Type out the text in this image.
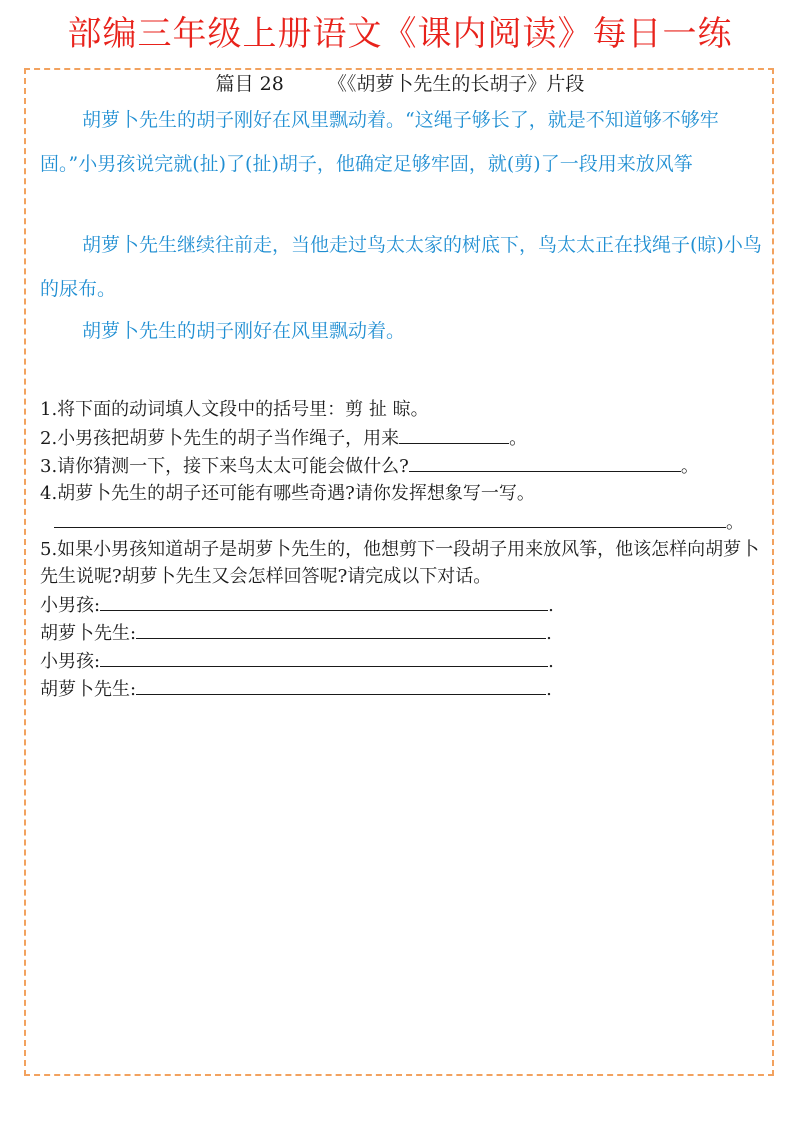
部编三年级上册语文《课内阅读》每日一练
篇目 28 《《胡萝卜先生的长胡子》片段

胡萝卜先生的胡子刚好在风里飘动着。“这绳子够长了，就是不知道够不够牢固。”小男孩说完就(扯)了(扯)胡子，他确定足够牢固，就(剪)了一段用来放风筝

胡萝卜先生继续往前走，当他走过鸟太太家的树底下，鸟太太正在找绳子(晾)小鸟的尿布。

胡萝卜先生的胡子刚好在风里飘动着。

1.将下面的动词填人文段中的括号里：剪 扯 晾。
2.小男孩把胡萝卜先生的胡子当作绳子，用来	。
3.请你猜测一下，接下来鸟太太可能会做什么?	。
4.胡萝卜先生的胡子还可能有哪些奇遇?请你发挥想象写一写。
。
5.如果小男孩知道胡子是胡萝卜先生的，他想剪下一段胡子用来放风筝，他该怎样向胡萝卜先生说呢?胡萝卜先生又会怎样回答呢?请完成以下对话。
小男孩:	.
胡萝卜先生:	.
小男孩:	.
胡萝卜先生:	.
